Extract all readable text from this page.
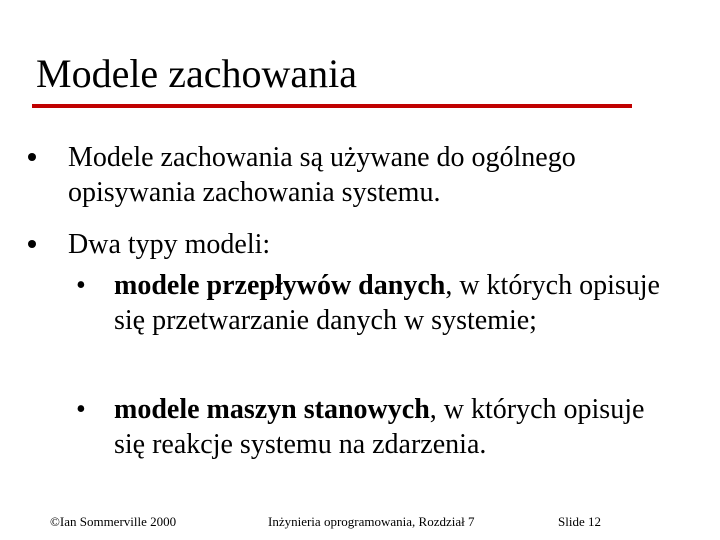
Modele zachowania
Modele zachowania są używane do ogólnego opisywania zachowania systemu.
Dwa typy modeli:
•	modele przepływów danych, w których opisuje się przetwarzanie danych w systemie;
•	modele maszyn stanowych, w których opisuje się reakcje systemu na zdarzenia.
©Ian Sommerville 2000	Inżynieria oprogramowania, Rozdział 7	Slide 12
